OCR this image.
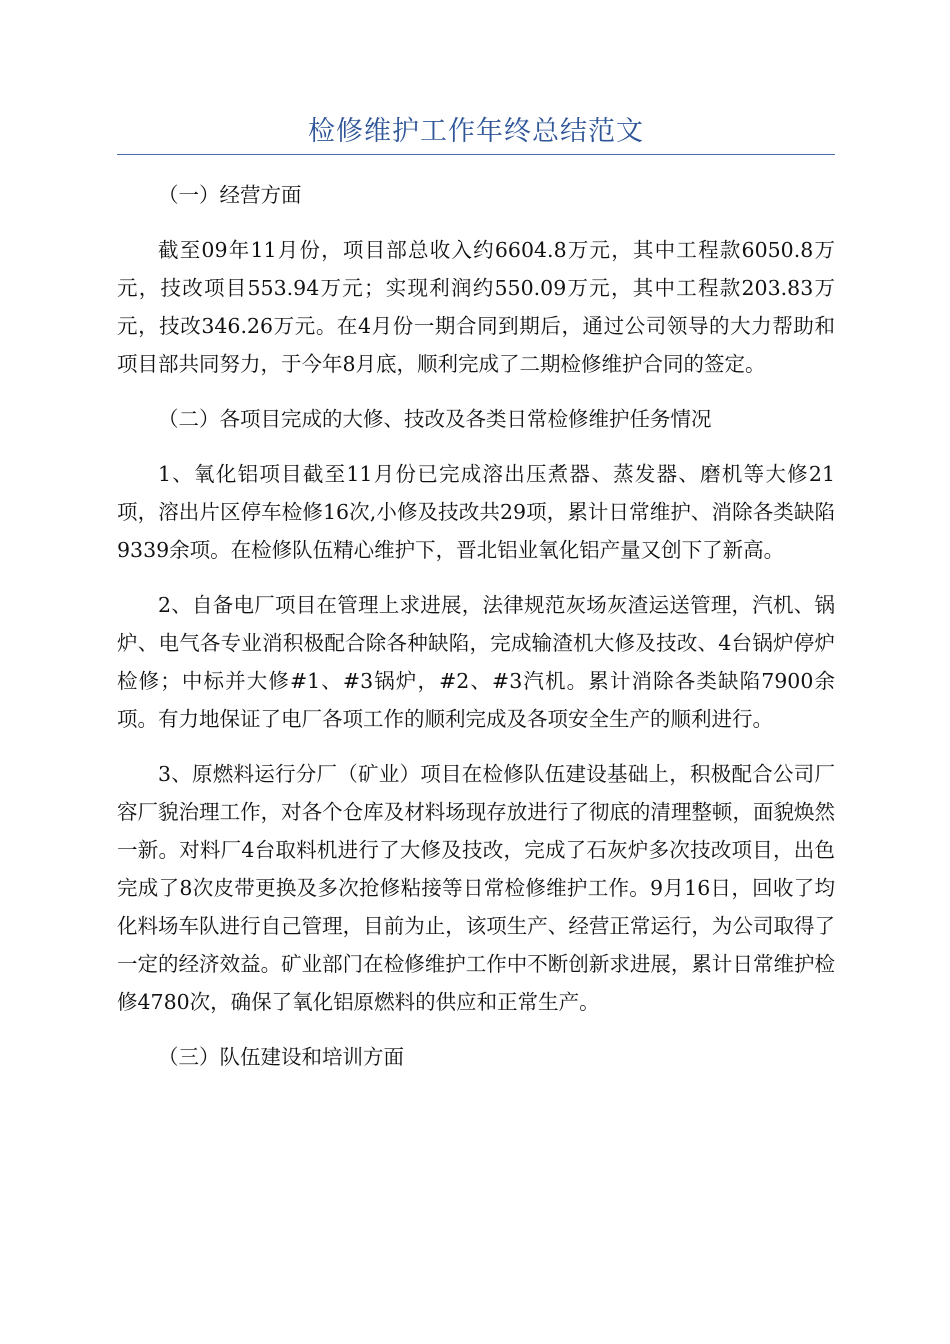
检修维护工作年终总结范文

（一）经营方面

截至09年11月份，项目部总收入约6604.8万元，其中工程款6050.8万元，技改项目553.94万元；实现利润约550.09万元，其中工程款203.83万元，技改346.26万元。在4月份一期合同到期后，通过公司领导的大力帮助和项目部共同努力，于今年8月底，顺利完成了二期检修维护合同的签定。

（二）各项目完成的大修、技改及各类日常检修维护任务情况

1、氧化铝项目截至11月份已完成溶出压煮器、蒸发器、磨机等大修21项，溶出片区停车检修16次,小修及技改共29项，累计日常维护、消除各类缺陷9339余项。在检修队伍精心维护下，晋北铝业氧化铝产量又创下了新高。

2、自备电厂项目在管理上求进展，法律规范灰场灰渣运送管理，汽机、锅炉、电气各专业消积极配合除各种缺陷，完成输渣机大修及技改、4台锅炉停炉检修；中标并大修#1、#3锅炉，#2、#3汽机。累计消除各类缺陷7900余项。有力地保证了电厂各项工作的顺利完成及各项安全生产的顺利进行。

3、原燃料运行分厂（矿业）项目在检修队伍建设基础上，积极配合公司厂容厂貌治理工作，对各个仓库及材料场现存放进行了彻底的清理整顿，面貌焕然一新。对料厂4台取料机进行了大修及技改，完成了石灰炉多次技改项目，出色完成了8次皮带更换及多次抢修粘接等日常检修维护工作。9月16日，回收了均化料场车队进行自己管理，目前为止，该项生产、经营正常运行，为公司取得了一定的经济效益。矿业部门在检修维护工作中不断创新求进展，累计日常维护检修4780次，确保了氧化铝原燃料的供应和正常生产。

（三）队伍建设和培训方面
